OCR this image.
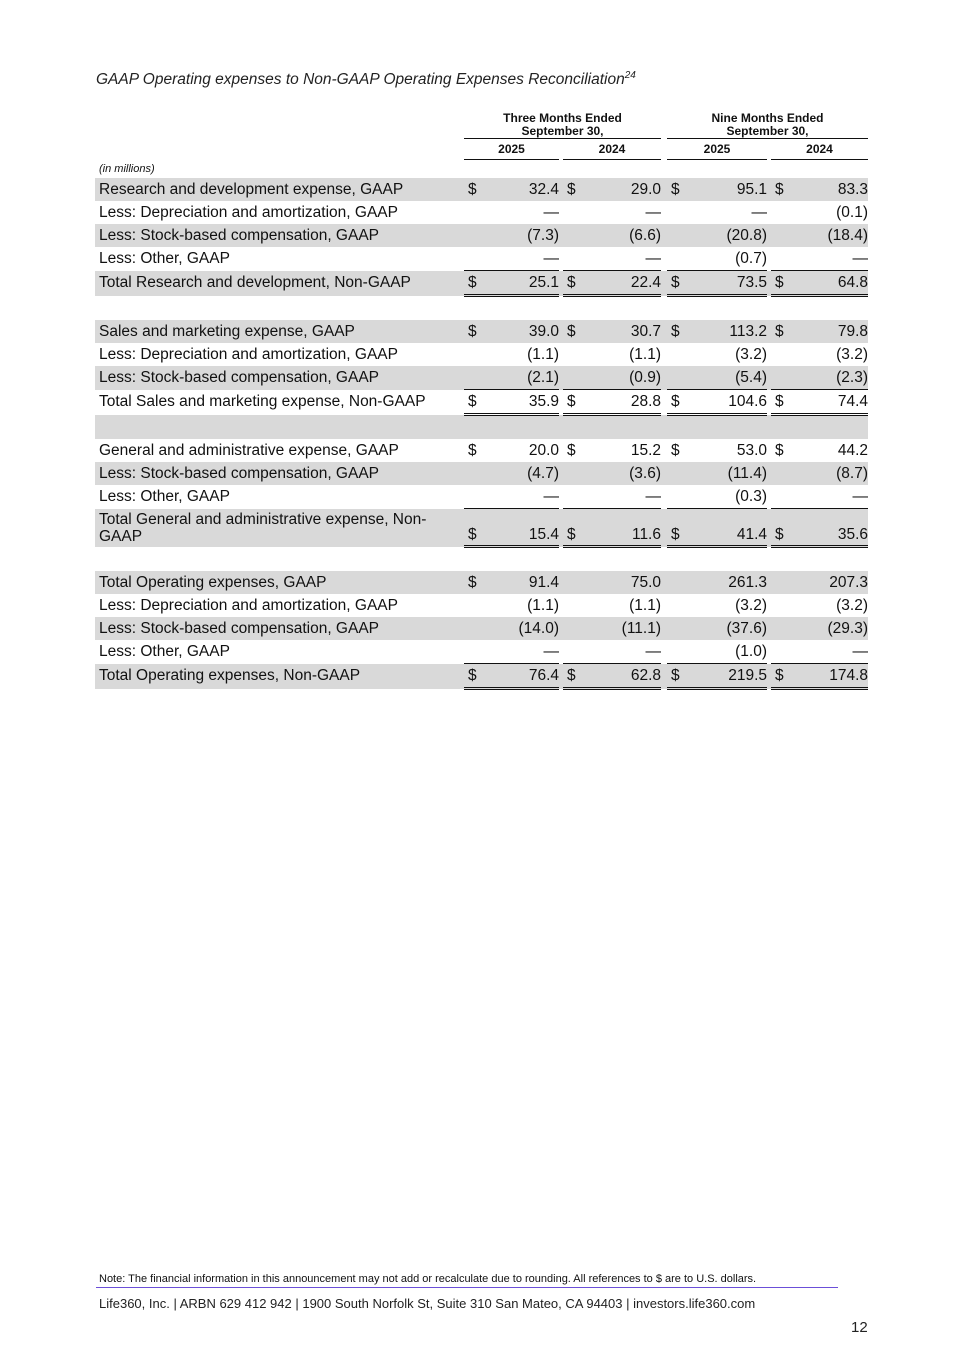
GAAP Operating expenses to Non-GAAP Operating Expenses Reconciliation$^{24}$
	Three Months Ended
September 30,						Nine Months Ended
September 30,				
	2025			2024			2025			2024	
(in millions)											
Research and development expense, GAAP	$	32.4		$	29.0		$	95.1		$	83.3
Less: Depreciation and amortization, GAAP		—			—			—			(0.1)
Less: Stock-based compensation, GAAP		(7.3)			(6.6)			(20.8)			(18.4)
Less: Other, GAAP		—			—			(0.7)			—
Total Research and development, Non-GAAP	$	25.1		$	22.4		$	73.5		$	64.8

Sales and marketing expense, GAAP	$	39.0		$	30.7		$	113.2		$	79.8
Less: Depreciation and amortization, GAAP		(1.1)			(1.1)			(3.2)			(3.2)
Less: Stock-based compensation, GAAP		(2.1)			(0.9)			(5.4)			(2.3)
Total Sales and marketing expense, Non-GAAP	$	35.9		$	28.8		$	104.6		$	74.4

General and administrative expense, GAAP	$	20.0		$	15.2		$	53.0		$	44.2
Less: Stock-based compensation, GAAP		(4.7)			(3.6)			(11.4)			(8.7)
Less: Other, GAAP		—			—			(0.3)			—
Total General and administrative expense, Non-GAAP	$	15.4		$	11.6		$	41.4		$	35.6

Total Operating expenses, GAAP	$	91.4			75.0			261.3			207.3
Less: Depreciation and amortization, GAAP		(1.1)			(1.1)			(3.2)			(3.2)
Less: Stock-based compensation, GAAP		(14.0)			(11.1)			(37.6)			(29.3)
Less: Other, GAAP		—			—			(1.0)			—
Total Operating expenses, Non-GAAP	$	76.4		$	62.8		$	219.5		$	174.8
Note: The financial information in this announcement may not add or recalculate due to rounding. All references to $ are to U.S. dollars.
Life360, Inc. | ARBN 629 412 942 | 1900 South Norfolk St, Suite 310 San Mateo, CA 94403 | investors.life360.com
12
